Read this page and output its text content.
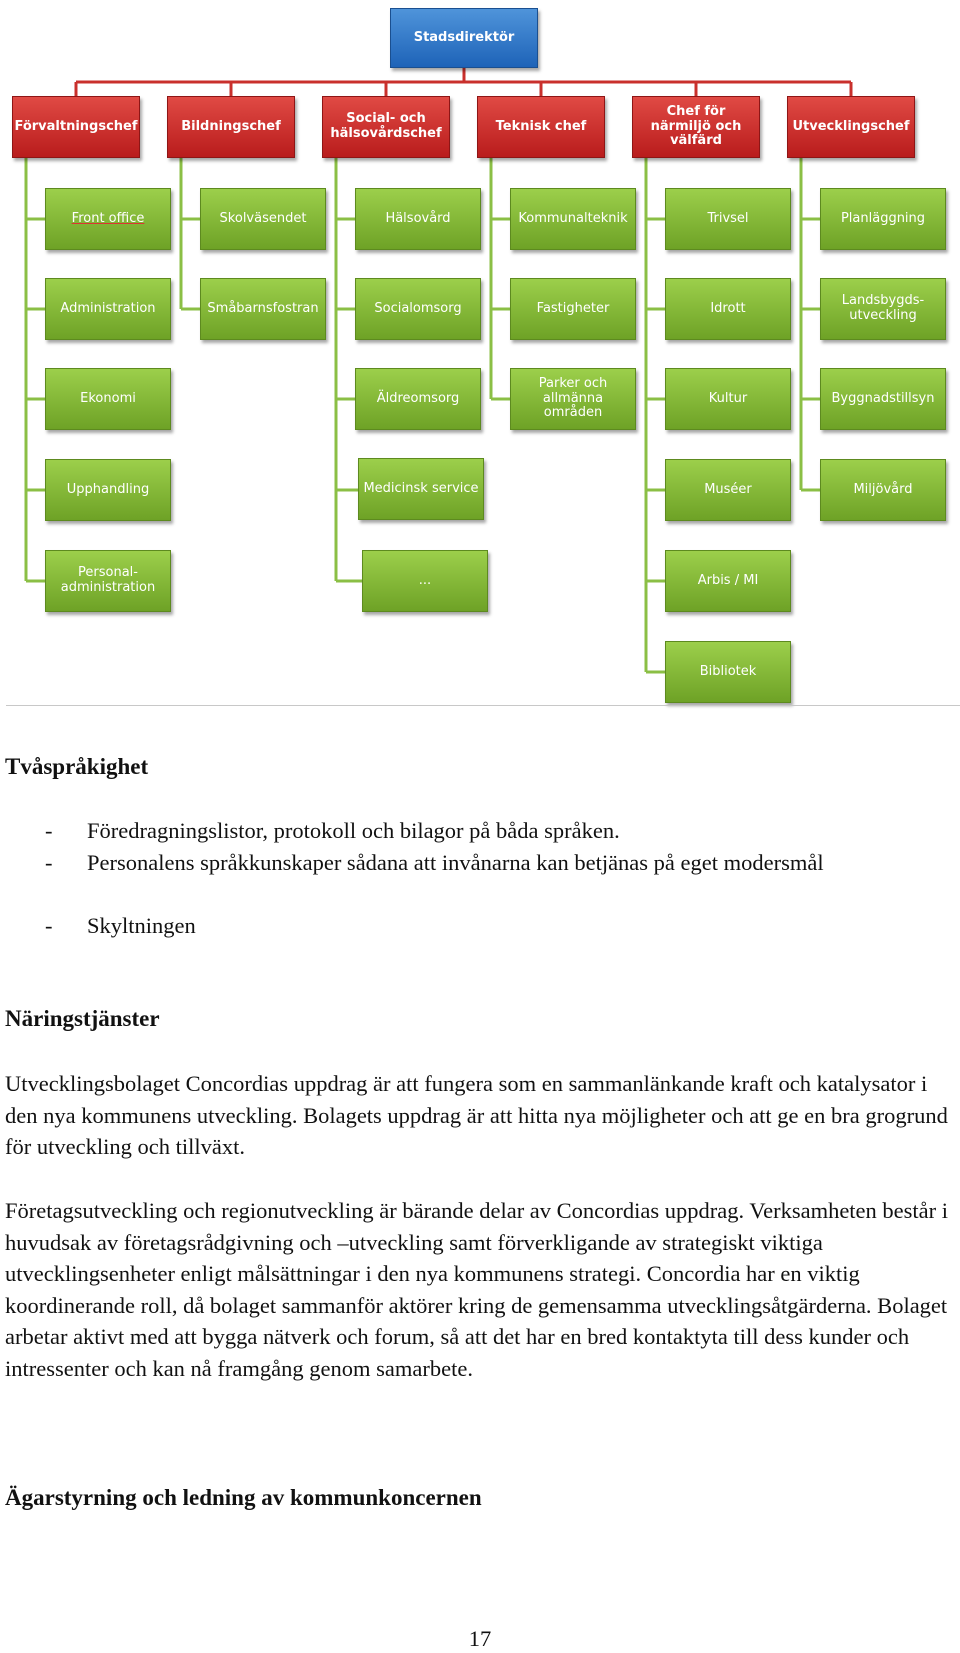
Stadsdirektör
Förvaltningschef
Front office
Administration
Ekonomi
Upphandling
Personal-administration
Bildningschef
Skolväsendet
Småbarnsfostran
Social- och hälsovårdschef
Hälsovård
Socialomsorg
Äldreomsorg
Medicinsk service
...
Teknisk chef
Kommunalteknik
Fastigheter
Parker och allmänna områden
Chef för närmiljö och välfärd
Trivsel
Idrott
Kultur
Muséer
Arbis / MI
Bibliotek
Utvecklingschef
Planläggning
Landsbygds-utveckling
Byggnadstillsyn
Miljövård
Tvåspråkighet
- Föredragningslistor, protokoll och bilagor på båda språken.
- Personalens språkkunskaper sådana att invånarna kan betjänas på eget modersmål
- Skyltningen
Näringstjänster

Utvecklingsbolaget Concordias uppdrag är att fungera som en sammanlänkande kraft och katalysator i den nya kommunens utveckling. Bolagets uppdrag är att hitta nya möjligheter och att ge en bra grogrund för utveckling och tillväxt.

Företagsutveckling och regionutveckling är bärande delar av Concordias uppdrag. Verksamheten består i huvudsak av företagsrådgivning och –utveckling samt förverkligande av strategiskt viktiga utvecklingsenheter enligt målsättningar i den nya kommunens strategi. Concordia har en viktig koordinerande roll, då bolaget sammanför aktörer kring de gemensamma utvecklingsåtgärderna. Bolaget arbetar aktivt med att bygga nätverk och forum, så att det har en bred kontaktyta till dess kunder och intressenter och kan nå framgång genom samarbete.

Ägarstyrning och ledning av kommunkoncernen
17
